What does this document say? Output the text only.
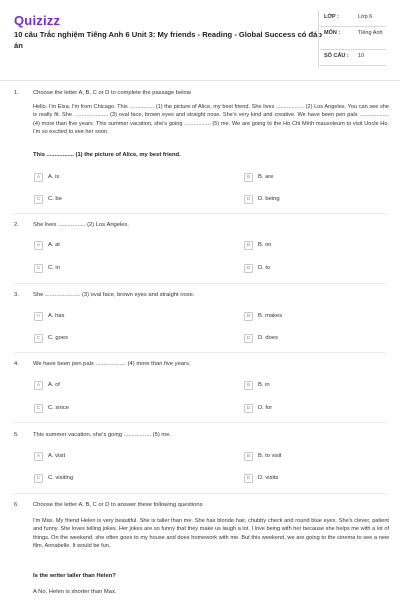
Quizizz
10 câu Trắc nghiệm Tiếng Anh 6 Unit 3: My friends - Reading - Global Success có đáp án
LỚP :	Lớp 6
MÔN :	Tiếng Anh
SỐ CÂU :	10
1. Choose the letter A, B, C or D to complete the passage below
Hello. I'm Elsa. I'm from Chicago. This ................ (1) the picture of Alice, my best friend. She lives .................. (2) Los Angeles. You can see she is really fit. She ...................... (3) oval face, brown eyes and straight nose. She's very kind and creative. We have been pen pals ................... (4) more than five years. This summer vacation, she's going ................. (5) me. We are going to the Ho Chi Minh mausoleum to visit Uncle Ho. I'm so excited to see her soon.
This ................. (1) the picture of Alice, my best friend.
A	A. is	B	B. are
C	C. be	D	D. being
2. She lives ................. (2) Los Angeles.
A	A. at	B	B. on
C	C. in	D	D. to
3. She ...................... (3) oval face, brown eyes and straight nose.
A	A. has	B	B. makes
C	C. goes	D	D. does
4. We have been pen pals ................... (4) more than five years.
A	A. of	B	B. in
C	C. since	D	D. for
5. This summer vacation, she's going ................. (5) me.
A	A. visit	B	B. to visit
C	C. visiting	D	D. visits
6. Choose the letter A, B, C or D to answer these following questions
I'm Max. My friend Helen is very beautiful. She is taller than me. She has blonde hair, chubby check and round blue eyes. She's clever, patient and funny. She loves telling jokes. Her jokes are so funny that they make us laugh a lot. I love being with her because she helps me with a lot of things. On the weekend, she often goes to my house and does homework with me. But this weekend, we are going to the cinema to see a new film, Annabelle. It would be fun.
Is the writer taller than Helen?
A No, Helen is shorter than Max.
